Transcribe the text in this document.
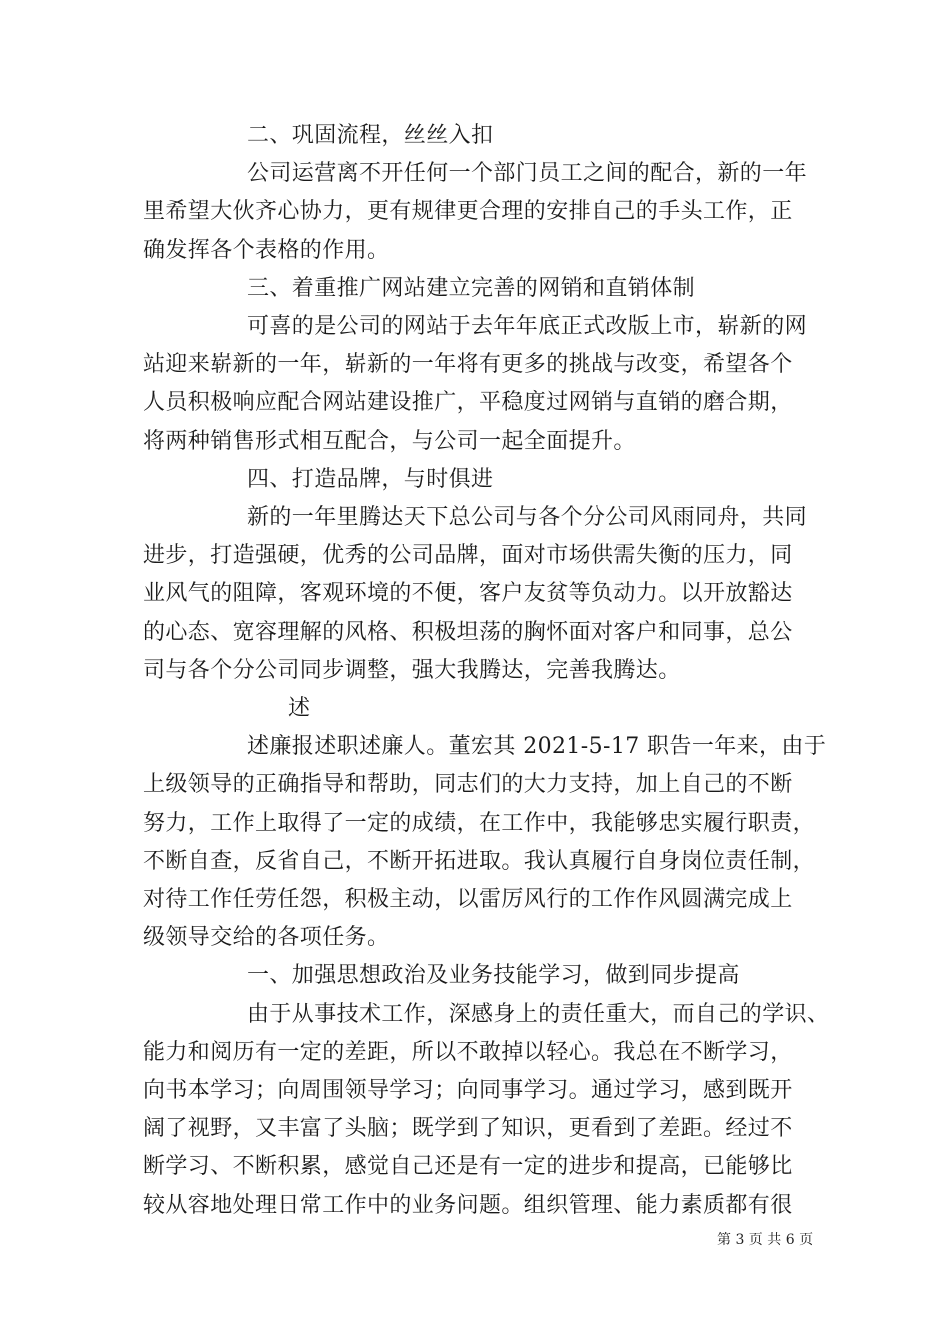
二、巩固流程，丝丝入扣
公司运营离不开任何一个部门员工之间的配合，新的一年
里希望大伙齐心协力，更有规律更合理的安排自己的手头工作，正
确发挥各个表格的作用。
三、着重推广网站建立完善的网销和直销体制
可喜的是公司的网站于去年年底正式改版上市，崭新的网
站迎来崭新的一年，崭新的一年将有更多的挑战与改变，希望各个
人员积极响应配合网站建设推广，平稳度过网销与直销的磨合期，
将两种销售形式相互配合，与公司一起全面提升。
四、打造品牌，与时俱进
新的一年里腾达天下总公司与各个分公司风雨同舟，共同
进步，打造强硬，优秀的公司品牌，面对市场供需失衡的压力，同
业风气的阻障，客观环境的不便，客户友贫等负动力。以开放豁达
的心态、宽容理解的风格、积极坦荡的胸怀面对客户和同事，总公
司与各个分公司同步调整，强大我腾达，完善我腾达。
述
述廉报述职述廉人。董宏其 2021-5-17 职告一年来，由于
上级领导的正确指导和帮助，同志们的大力支持，加上自己的不断
努力，工作上取得了一定的成绩，在工作中，我能够忠实履行职责，
不断自查，反省自己，不断开拓进取。我认真履行自身岗位责任制，
对待工作任劳任怨，积极主动，以雷厉风行的工作作风圆满完成上
级领导交给的各项任务。
一、加强思想政治及业务技能学习，做到同步提高
由于从事技术工作，深感身上的责任重大，而自己的学识、
能力和阅历有一定的差距，所以不敢掉以轻心。我总在不断学习，
向书本学习；向周围领导学习；向同事学习。通过学习，感到既开
阔了视野，又丰富了头脑；既学到了知识，更看到了差距。经过不
断学习、不断积累，感觉自己还是有一定的进步和提高，已能够比
较从容地处理日常工作中的业务问题。组织管理、能力素质都有很
第 3 页 共 6 页
